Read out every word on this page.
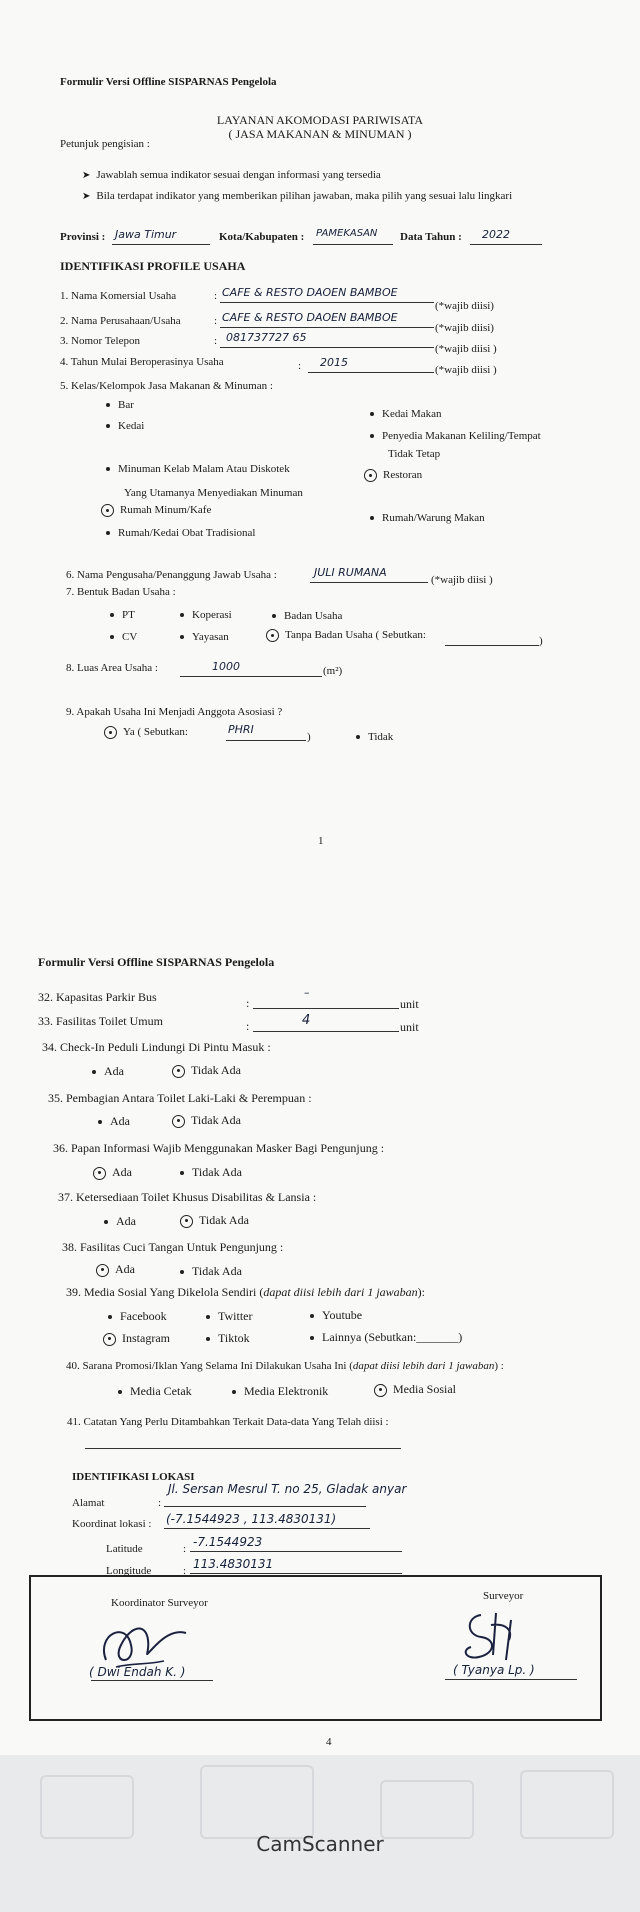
Formulir Versi Offline SISPARNAS Pengelola
LAYANAN AKOMODASI PARIWISATA
( JASA MAKANAN & MINUMAN )
Petunjuk pengisian :
➤ Jawablah semua indikator sesuai dengan informasi yang tersedia
➤ Bila terdapat indikator yang memberikan pilihan jawaban, maka pilih yang sesuai lalu lingkari
Provinsi : Jawa Timur	Kota/Kabupaten : PAMEKASAN Data Tahun : 2022
IDENTIFIKASI PROFILE USAHA
1. Nama Komersial Usaha	: CAFE & RESTO DAOEN BAMBOE
(*wajib diisi)
2. Nama Perusahaan/Usaha	: CAFE & RESTO DAOEN BAMBOE
(*wajib diisi)
3. Nomor Telepon	: 081737727 65
(*wajib diisi )
4. Tahun Mulai Beroperasinya Usaha	: 2015
(*wajib diisi )
5. Kelas/Kelompok Jasa Makanan & Minuman :
Bar
Kedai
Minuman Kelab Malam Atau Diskotek
Yang Utamanya Menyediakan Minuman
Rumah Minum/Kafe
Rumah/Kedai Obat Tradisional
Kedai Makan
Penyedia Makanan Keliling/Tempat
Tidak Tetap
Restoran
Rumah/Warung Makan
6. Nama Pengusaha/Penanggung Jawab Usaha :	JULI RUMANA
(*wajib diisi )
7. Bentuk Badan Usaha :
PT	Koperasi	Badan Usaha
CV	Yayasan	Tanpa Badan Usaha ( Sebutkan:	)
8. Luas Area Usaha :	1000	(m²)
9. Apakah Usaha Ini Menjadi Anggota Asosiasi ?
Ya ( Sebutkan:	PHRI
)	Tidak
1
Formulir Versi Offline SISPARNAS Pengelola
32. Kapasitas Parkir Bus	:
–
unit
33. Fasilitas Toilet Umum	:	4	unit
34. Check-In Peduli Lindungi Di Pintu Masuk :
Ada	Tidak Ada
35. Pembagian Antara Toilet Laki-Laki & Perempuan :
Ada	Tidak Ada
36. Papan Informasi Wajib Menggunakan Masker Bagi Pengunjung :
Ada	Tidak Ada
37. Ketersediaan Toilet Khusus Disabilitas & Lansia :
Ada	Tidak Ada
38. Fasilitas Cuci Tangan Untuk Pengunjung :
Ada	Tidak Ada
39. Media Sosial Yang Dikelola Sendiri (dapat diisi lebih dari 1 jawaban):
Facebook	Twitter	Youtube
Instagram	Tiktok	Lainnya (Sebutkan:_______)
40. Sarana Promosi/Iklan Yang Selama Ini Dilakukan Usaha Ini (dapat diisi lebih dari 1 jawaban) :
Media Cetak	Media Elektronik	Media Sosial
41. Catatan Yang Perlu Ditambahkan Terkait Data-data Yang Telah diisi :
IDENTIFIKASI LOKASI
Alamat	:
Jl. Sersan Mesrul T. no 25, Gladak anyar
Koordinat lokasi : (-7.1544923 , 113.4830131)
Latitude	: -7.1544923
Longitude	: 113.4830131
Koordinator Surveyor
Surveyor
( Dwi Endah K. )	( Tyanya Lp. )
4
CamScanner
